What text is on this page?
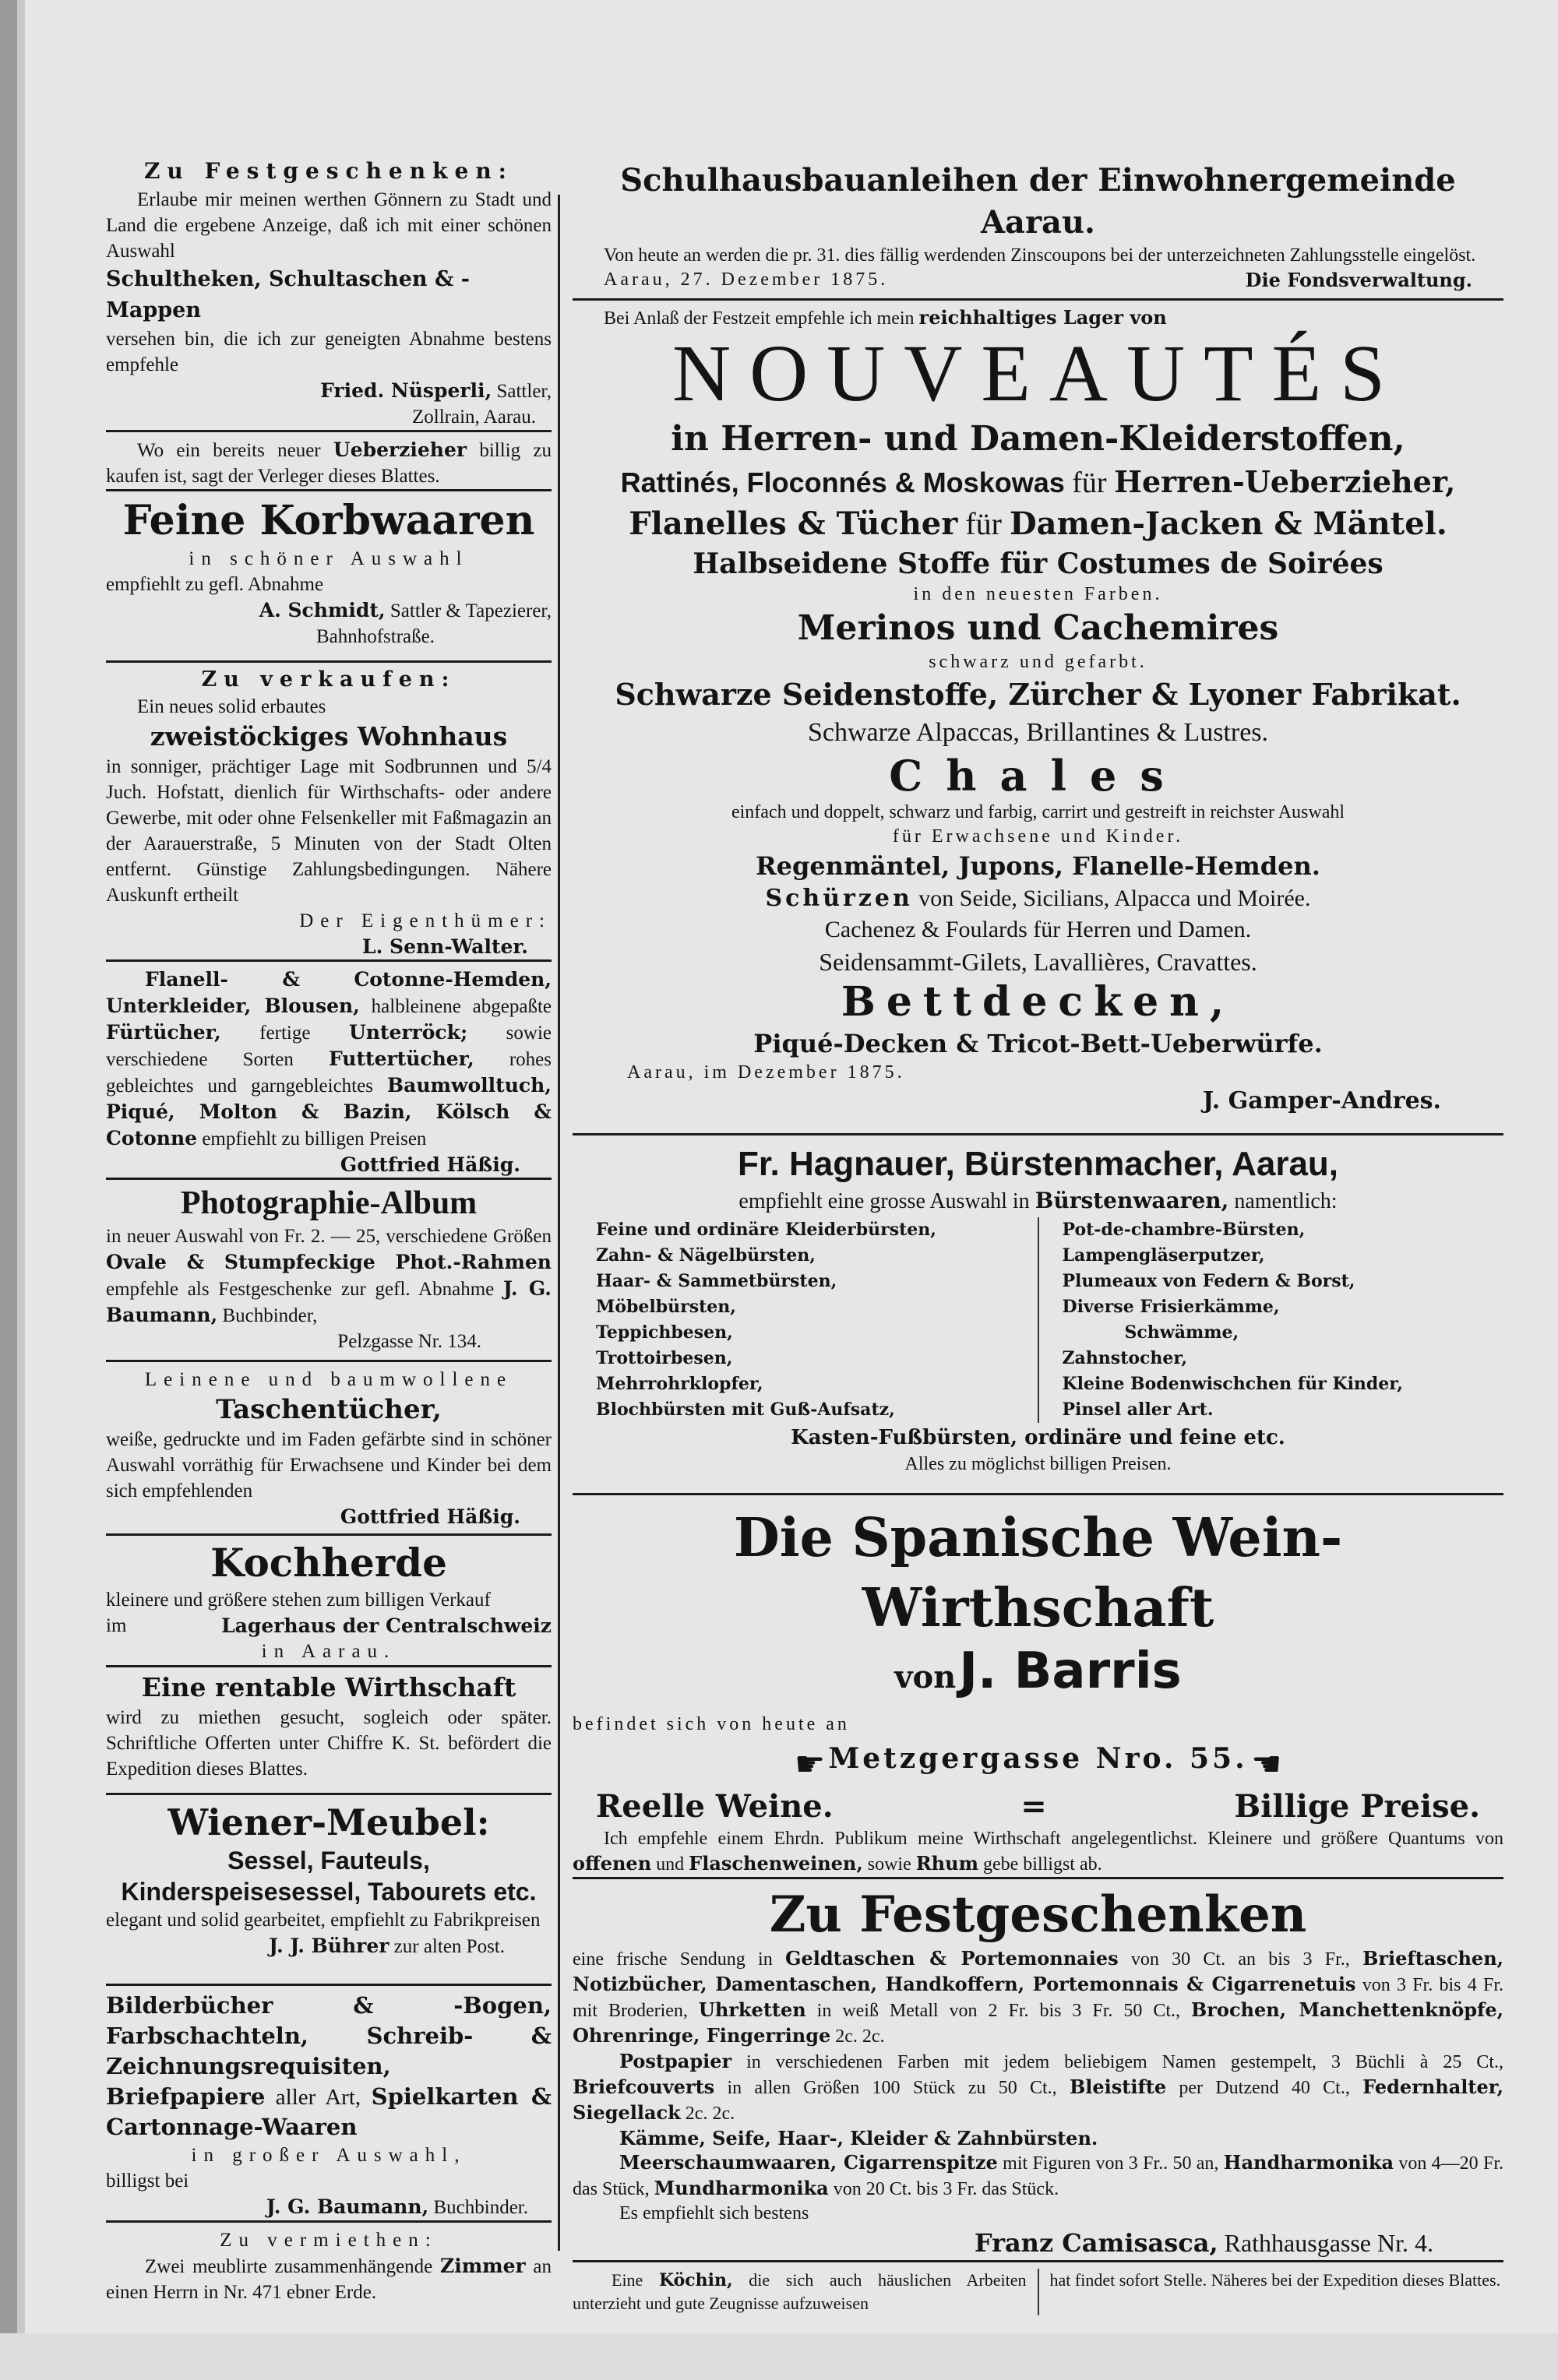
Zu Festgeschenken:

Erlaube mir meinen werthen Gönnern zu Stadt und Land die ergebene Anzeige, daß ich mit einer schönen Auswahl

Schultheken, Schultaschen & -Mappen

versehen bin, die ich zur geneigten Abnahme bestens empfehle

Fried. Nüsperli, Sattler,

Zollrain, Aarau.

Wo ein bereits neuer Ueberzieher billig zu kaufen ist, sagt der Verleger dieses Blattes.

Feine Korbwaaren

in schöner Auswahl

empfiehlt zu gefl. Abnahme

A. Schmidt, Sattler & Tapezierer,

Bahnhofstraße.

Zu verkaufen:

Ein neues solid erbautes

zweistöckiges Wohnhaus

in sonniger, prächtiger Lage mit Sodbrunnen und 5/4 Juch. Hofstatt, dienlich für Wirthschafts- oder andere Gewerbe, mit oder ohne Felsenkeller mit Faßmagazin an der Aarauerstraße, 5 Minuten von der Stadt Olten entfernt. Günstige Zahlungsbedingungen. Nähere Auskunft ertheilt

Der Eigenthümer:

L. Senn-Walter.

Flanell- & Cotonne-Hemden, Unterkleider, Blousen, halbleinene abgepaßte Fürtücher, fertige Unterröck; sowie verschiedene Sorten Futtertücher, rohes gebleichtes und garngebleichtes Baumwolltuch, Piqué, Molton & Bazin, Kölsch & Cotonne empfiehlt zu billigen Preisen

Gottfried Häßig.

Photographie-Album

in neuer Auswahl von Fr. 2. — 25, verschiedene Größen Ovale & Stumpfeckige Phot.-Rahmen empfehle als Festgeschenke zur gefl. Abnahme J. G. Baumann, Buchbinder,

Pelzgasse Nr. 134.

Leinene und baumwollene

Taschentücher,

weiße, gedruckte und im Faden gefärbte sind in schöner Auswahl vorräthig für Erwachsene und Kinder bei dem sich empfehlenden

Gottfried Häßig.

Kochherde

kleinere und größere stehen zum billigen Verkauf

im	Lagerhaus der Centralschweiz

in Aarau.

Eine rentable Wirthschaft

wird zu miethen gesucht, sogleich oder später. Schriftliche Offerten unter Chiffre K. St. befördert die Expedition dieses Blattes.

Wiener-Meubel:

Sessel, Fauteuls, Kinderspeisesessel, Tabourets etc.

elegant und solid gearbeitet, empfiehlt zu Fabrikpreisen

J. J. Bührer zur alten Post.

Bilderbücher & -Bogen, Farbschachteln, Schreib- & Zeichnungsrequisiten, Briefpapiere aller Art, Spielkarten & Cartonnage-Waaren

in großer Auswahl,

billigst bei

J. G. Baumann, Buchbinder.

Zu vermiethen:

Zwei meublirte zusammenhängende Zimmer an einen Herrn in Nr. 471 ebner Erde.

Schulhausbauanleihen der Einwohnergemeinde Aarau.

Von heute an werden die pr. 31. dies fällig werdenden Zinscoupons bei der unterzeichneten Zahlungsstelle eingelöst.

Aarau, 27. Dezember 1875.	Die Fondsverwaltung.

Bei Anlaß der Festzeit empfehle ich mein reichhaltiges Lager von

NOUVEAUTÉS

in Herren- und Damen-Kleiderstoffen,

Rattinés, Floconnés & Moskowas für Herren-Ueberzieher,

Flanelles & Tücher für Damen-Jacken & Mäntel.

Halbseidene Stoffe für Costumes de Soirées

in den neuesten Farben.

Merinos und Cachemires

schwarz und gefarbt.

Schwarze Seidenstoffe, Zürcher & Lyoner Fabrikat.

Schwarze Alpaccas, Brillantines & Lustres.

Chales

einfach und doppelt, schwarz und farbig, carrirt und gestreift in reichster Auswahl

für Erwachsene und Kinder.

Regenmäntel, Jupons, Flanelle-Hemden.

Schürzen von Seide, Sicilians, Alpacca und Moirée.

Cachenez & Foulards für Herren und Damen.

Seidensammt-Gilets, Lavallières, Cravattes.

Bettdecken,

Piqué-Decken & Tricot-Bett-Ueberwürfe.

Aarau, im Dezember 1875.

J. Gamper-Andres.

Fr. Hagnauer, Bürstenmacher, Aarau,

empfiehlt eine grosse Auswahl in Bürstenwaaren, namentlich:

Feine und ordinäre Kleiderbürsten,

Zahn- & Nägelbürsten,

Haar- & Sammetbürsten,

Möbelbürsten,

Teppichbesen,

Trottoirbesen,

Mehrrohrklopfer,

Blochbürsten mit Guß-Aufsatz,

Pot-de-chambre-Bürsten,

Lampengläserputzer,

Plumeaux von Federn & Borst,

Diverse Frisierkämme,

Schwämme,

Zahnstocher,

Kleine Bodenwischchen für Kinder,

Pinsel aller Art.

Kasten-Fußbürsten, ordinäre und feine etc.

Alles zu möglichst billigen Preisen.

Die Spanische Wein-Wirthschaft

von J. Barris

befindet sich von heute an

☛ Metzgergasse Nro. 55. ☛

Reelle Weine.	=	Billige Preise.

Ich empfehle einem Ehrdn. Publikum meine Wirthschaft angelegentlichst. Kleinere und größere Quantums von offenen und Flaschenweinen, sowie Rhum gebe billigst ab.

Zu Festgeschenken

eine frische Sendung in Geldtaschen & Portemonnaies von 30 Ct. an bis 3 Fr., Brieftaschen, Notizbücher, Damentaschen, Handkoffern, Portemonnais & Cigarrenetuis von 3 Fr. bis 4 Fr. mit Broderien, Uhrketten in weiß Metall von 2 Fr. bis 3 Fr. 50 Ct., Brochen, Manchettenknöpfe, Ohrenringe, Fingerringe 2c. 2c.

Postpapier in verschiedenen Farben mit jedem beliebigem Namen gestempelt, 3 Büchli à 25 Ct., Briefcouverts in allen Größen 100 Stück zu 50 Ct., Bleistifte per Dutzend 40 Ct., Federnhalter, Siegellack 2c. 2c.

Kämme, Seife, Haar-, Kleider & Zahnbürsten.

Meerschaumwaaren, Cigarrenspitze mit Figuren von 3 Fr.. 50 an, Handharmonika von 4—20 Fr. das Stück, Mundharmonika von 20 Ct. bis 3 Fr. das Stück.

Es empfiehlt sich bestens

Franz Camisasca, Rathhausgasse Nr. 4.

Eine Köchin, die sich auch häuslichen Arbeiten unterzieht und gute Zeugnisse aufzuweisen

hat findet sofort Stelle. Näheres bei der Expedition dieses Blattes.
